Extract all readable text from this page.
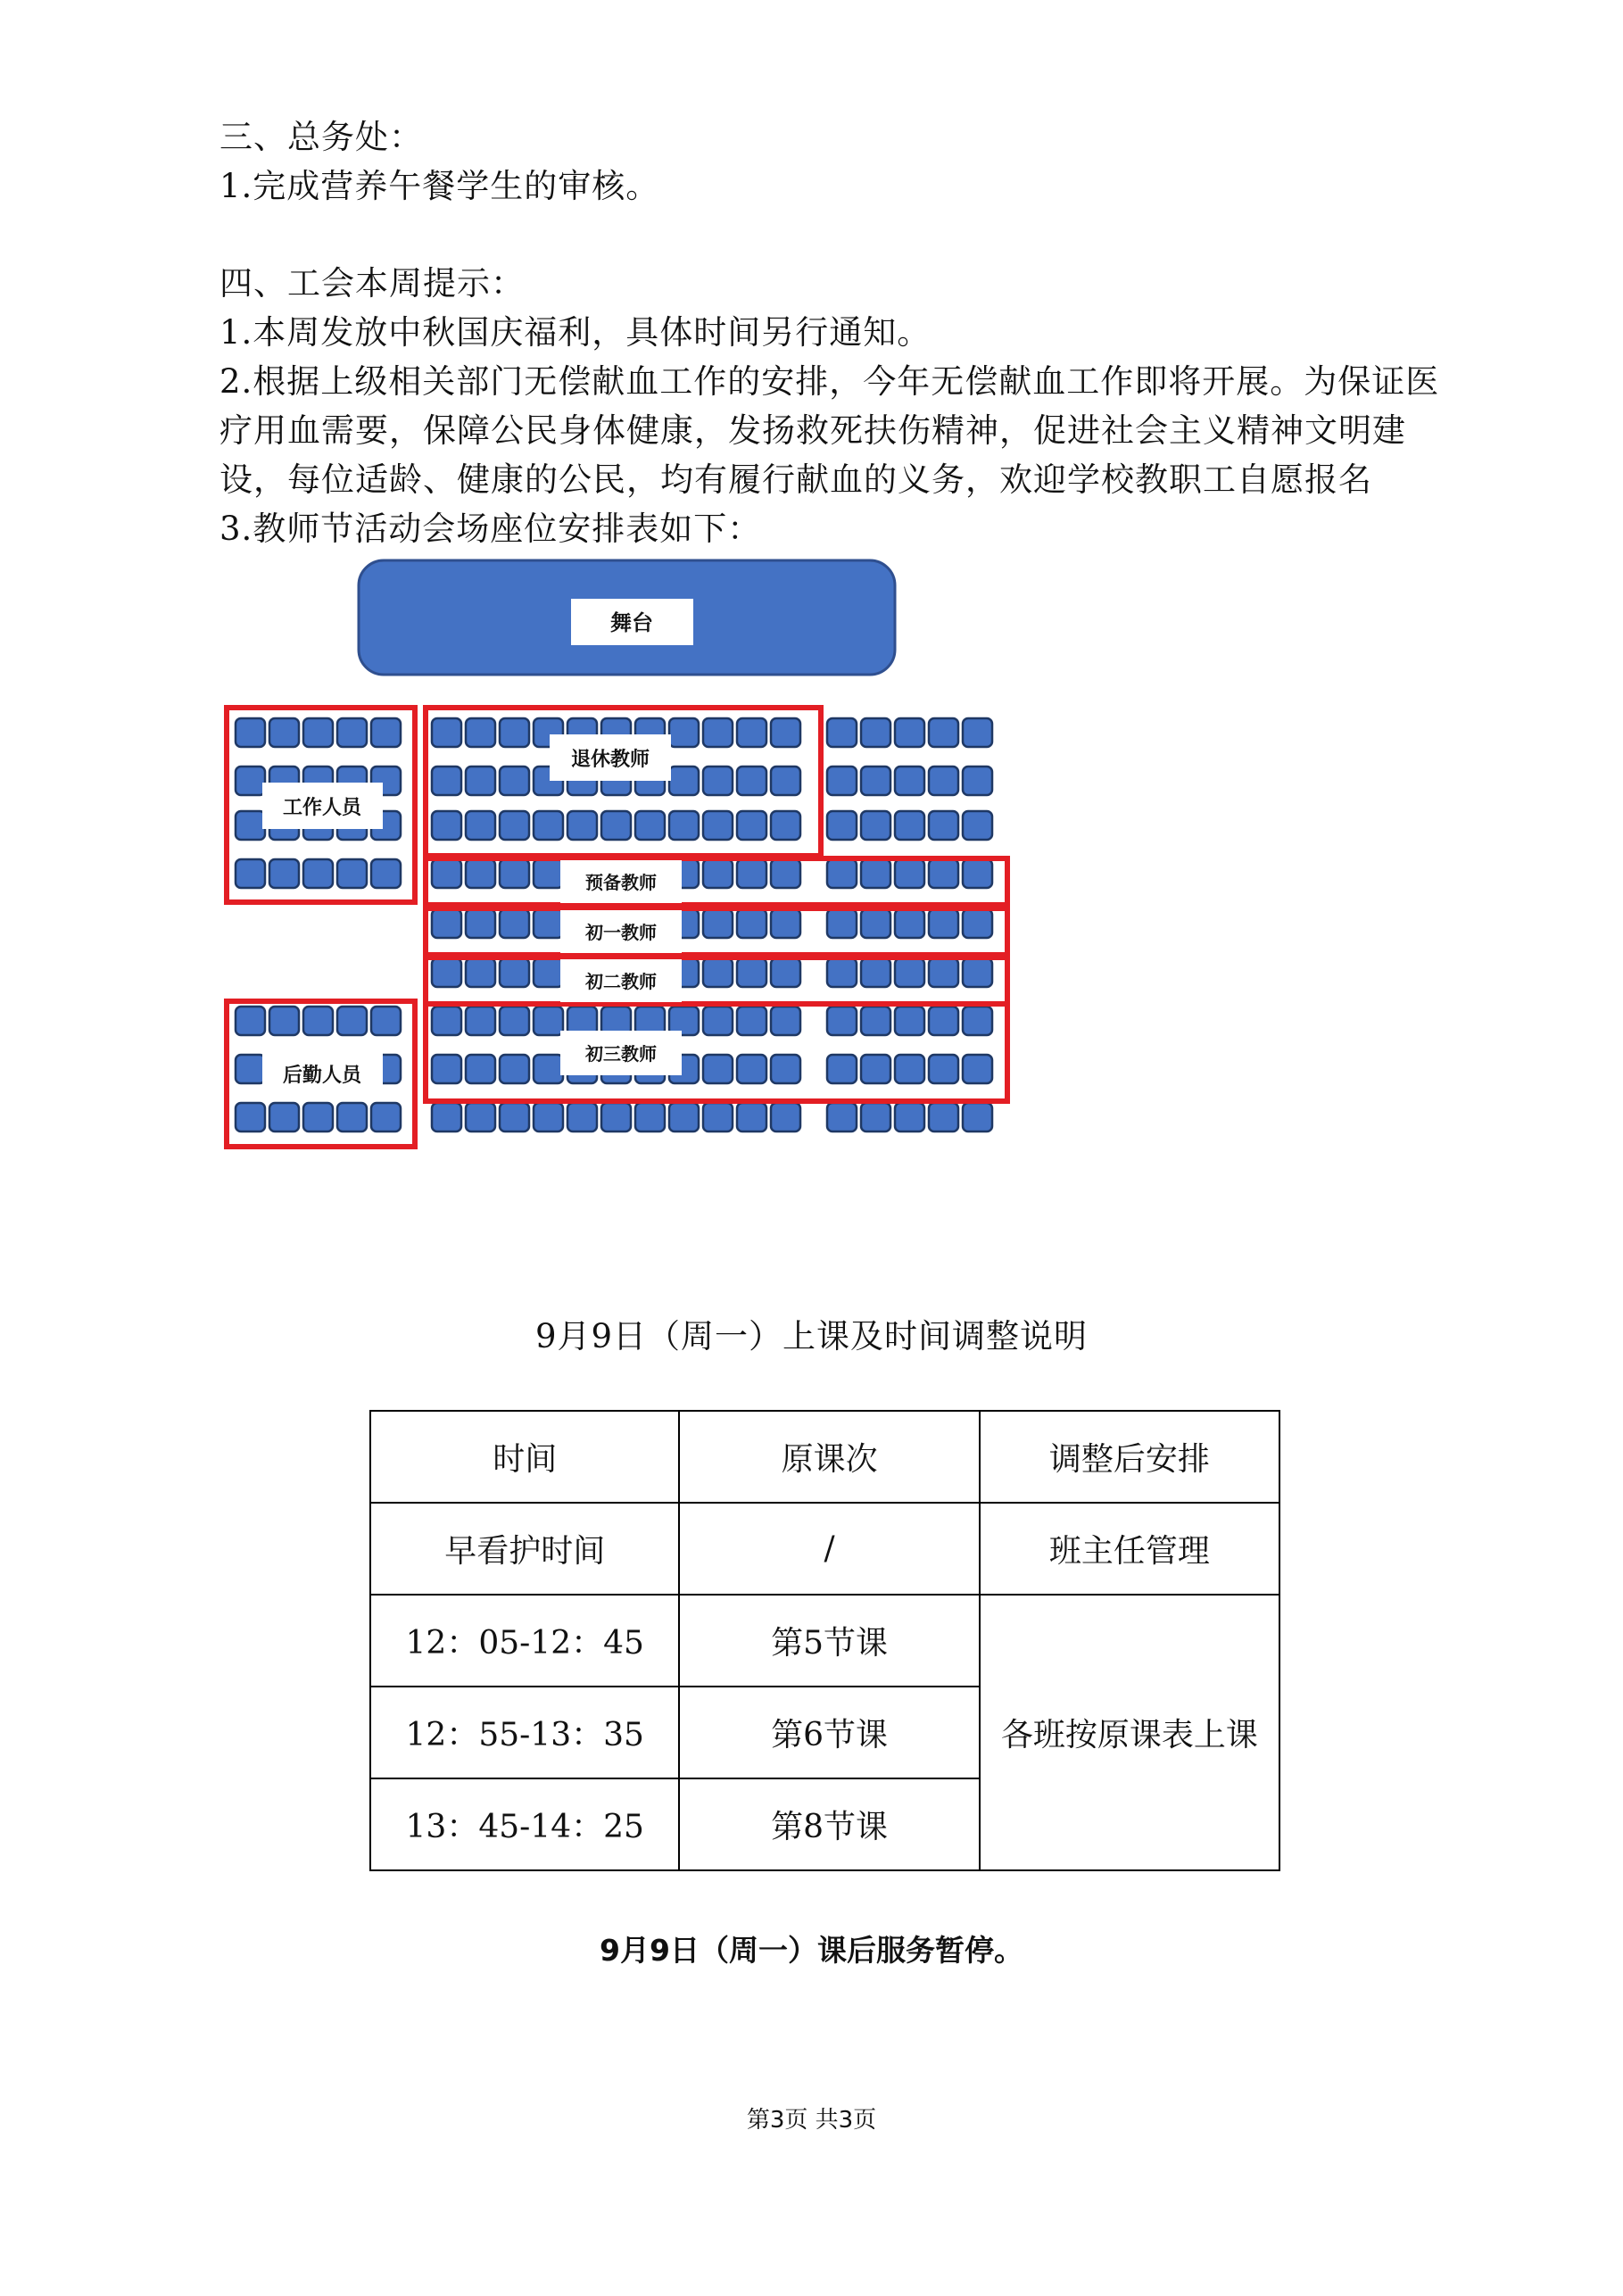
三、总务处：
1.完成营养午餐学生的审核。
四、工会本周提示：
1.本周发放中秋国庆福利，具体时间另行通知。
2.根据上级相关部门无偿献血工作的安排，今年无偿献血工作即将开展。为保证医
疗用血需要，保障公民身体健康，发扬救死扶伤精神，促进社会主义精神文明建
设，每位适龄、健康的公民，均有履行献血的义务，欢迎学校教职工自愿报名
3.教师节活动会场座位安排表如下：
舞台
工作人员
退休教师
预备教师
初一教师
初二教师
初三教师
后勤人员
9月9日（周一）上课及时间调整说明
时间	原课次	调整后安排
早看护时间	/	班主任管理
12：05-12：45	第5节课	各班按原课表上课
12：55-13：35	第6节课	
13：45-14：25	第8节课	
9月9日（周一）课后服务暂停。
第3页 共3页
